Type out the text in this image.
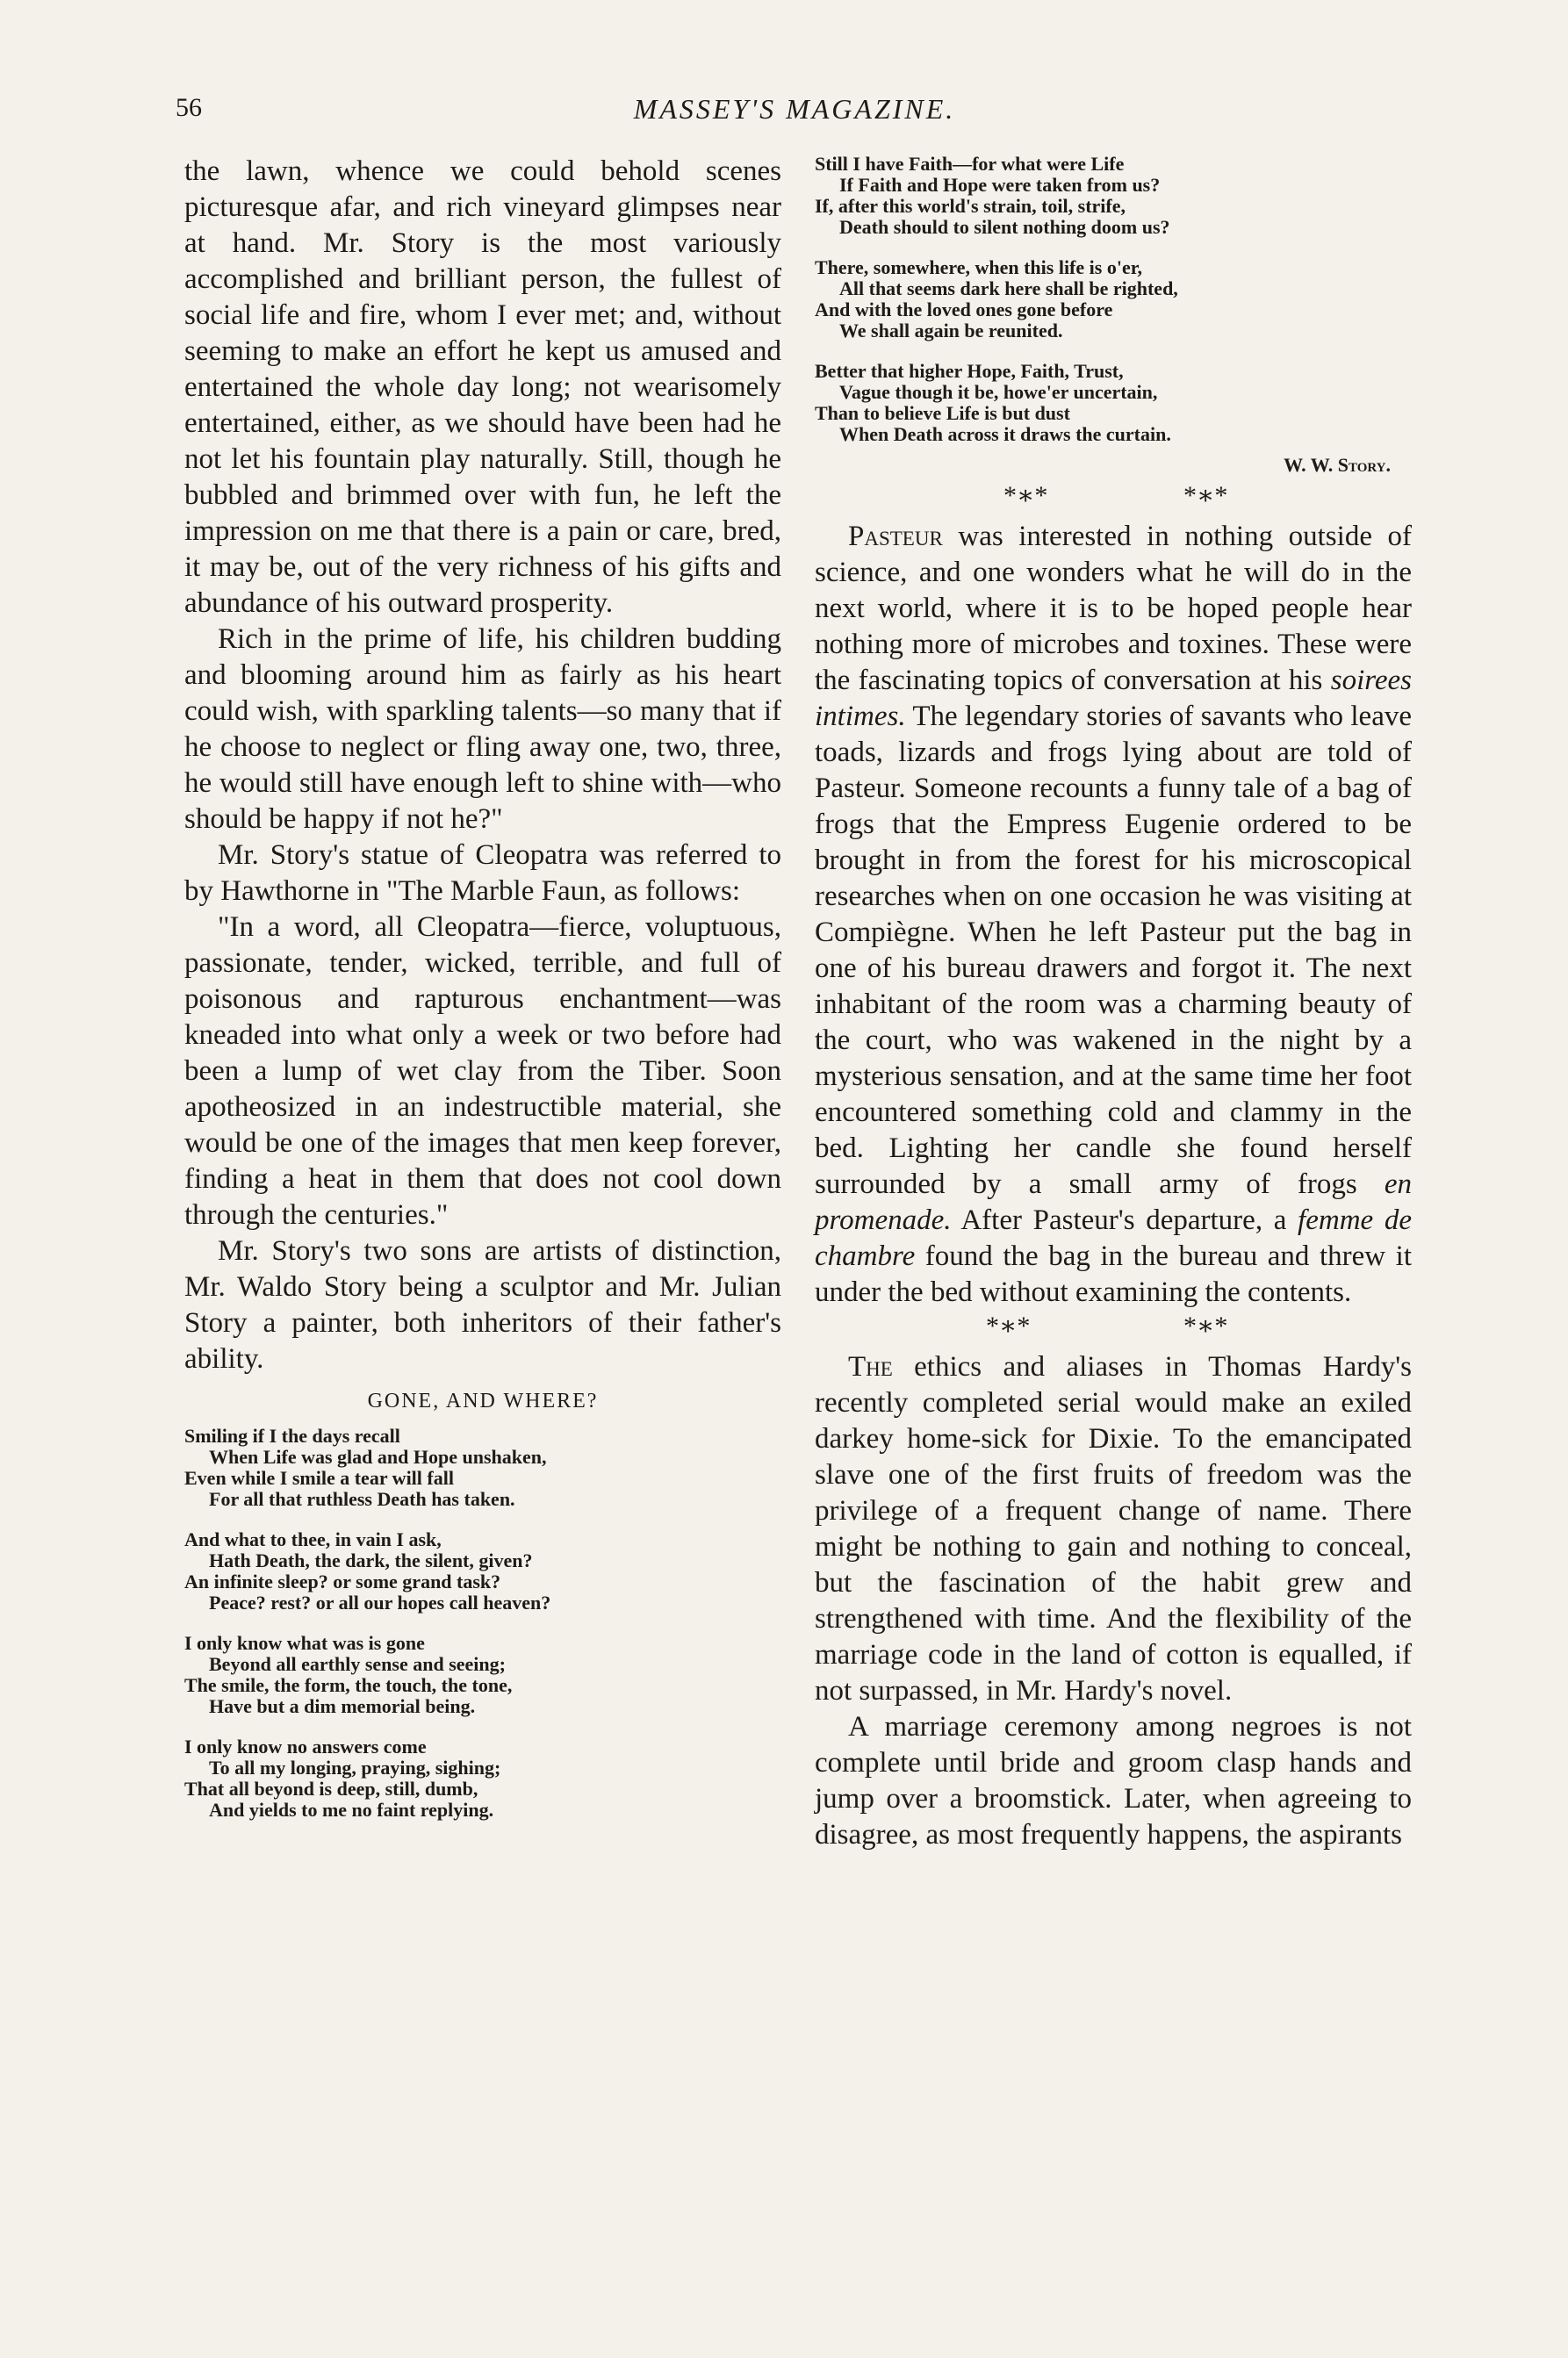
56	MASSEY'S MAGAZINE.

the lawn, whence we could behold scenes picturesque afar, and rich vineyard glimpses near at hand. Mr. Story is the most variously accomplished and brilliant person, the fullest of social life and fire, whom I ever met; and, without seeming to make an effort he kept us amused and entertained the whole day long; not wearisomely entertained, either, as we should have been had he not let his fountain play naturally. Still, though he bubbled and brimmed over with fun, he left the impression on me that there is a pain or care, bred, it may be, out of the very richness of his gifts and abundance of his outward prosperity.

Rich in the prime of life, his children budding and blooming around him as fairly as his heart could wish, with sparkling talents—so many that if he choose to neglect or fling away one, two, three, he would still have enough left to shine with—who should be happy if not he?"

Mr. Story's statue of Cleopatra was referred to by Hawthorne in "The Marble Faun, as follows:

"In a word, all Cleopatra—fierce, voluptuous, passionate, tender, wicked, terrible, and full of poisonous and rapturous enchantment—was kneaded into what only a week or two before had been a lump of wet clay from the Tiber. Soon apotheosized in an indestructible material, she would be one of the images that men keep forever, finding a heat in them that does not cool down through the centuries."

Mr. Story's two sons are artists of distinction, Mr. Waldo Story being a sculptor and Mr. Julian Story a painter, both inheritors of their father's ability.

GONE, AND WHERE?
Smiling if I the days recall
When Life was glad and Hope unshaken,
Even while I smile a tear will fall
For all that ruthless Death has taken.
And what to thee, in vain I ask,
Hath Death, the dark, the silent, given?
An infinite sleep? or some grand task?
Peace? rest? or all our hopes call heaven?
I only know what was is gone
Beyond all earthly sense and seeing;
The smile, the form, the touch, the tone,
Have but a dim memorial being.
I only know no answers come
To all my longing, praying, sighing;
That all beyond is deep, still, dumb,
And yields to me no faint replying.
Still I have Faith—for what were Life
If Faith and Hope were taken from us?
If, after this world's strain, toil, strife,
Death should to silent nothing doom us?
There, somewhere, when this life is o'er,
All that seems dark here shall be righted,
And with the loved ones gone before
We shall again be reunited.
Better that higher Hope, Faith, Trust,
Vague though it be, howe'er uncertain,
Than to believe Life is but dust
When Death across it draws the curtain.
W. W. Story.
*∗*	*∗*

Pasteur was interested in nothing outside of science, and one wonders what he will do in the next world, where it is to be hoped people hear nothing more of microbes and toxines. These were the fascinating topics of conversation at his soirees intimes. The legendary stories of savants who leave toads, lizards and frogs lying about are told of Pasteur. Someone recounts a funny tale of a bag of frogs that the Empress Eugenie ordered to be brought in from the forest for his microscopical researches when on one occasion he was visiting at Compiègne. When he left Pasteur put the bag in one of his bureau drawers and forgot it. The next inhabitant of the room was a charming beauty of the court, who was wakened in the night by a mysterious sensation, and at the same time her foot encountered something cold and clammy in the bed. Lighting her candle she found herself surrounded by a small army of frogs en promenade. After Pasteur's departure, a femme de chambre found the bag in the bureau and threw it under the bed without examining the contents.

*∗*	*∗*

The ethics and aliases in Thomas Hardy's recently completed serial would make an exiled darkey home-sick for Dixie. To the emancipated slave one of the first fruits of freedom was the privilege of a frequent change of name. There might be nothing to gain and nothing to conceal, but the fascination of the habit grew and strengthened with time. And the flexibility of the marriage code in the land of cotton is equalled, if not surpassed, in Mr. Hardy's novel.

A marriage ceremony among negroes is not complete until bride and groom clasp hands and jump over a broomstick. Later, when agreeing to disagree, as most frequently happens, the aspirants
